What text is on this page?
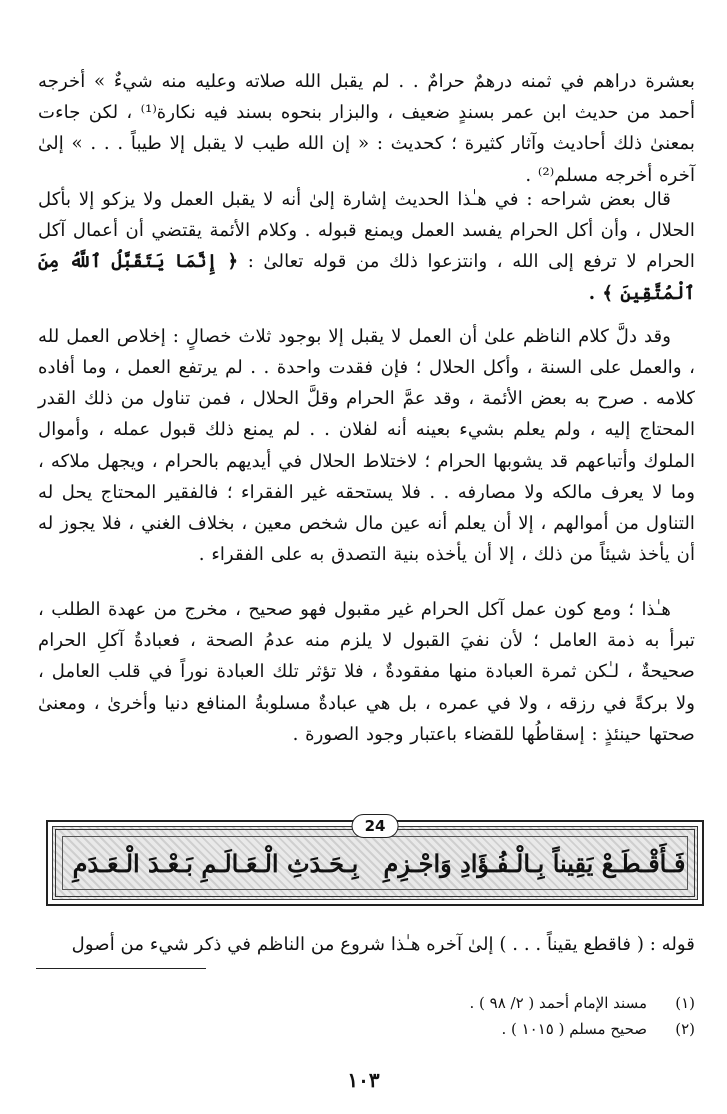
بعشرة دراهم في ثمنه درهمٌ حرامٌ . . لم يقبل الله صلاته وعليه منه شيءٌ » أخرجه أحمد من حديث ابن عمر بسندٍ ضعيف ، والبزار بنحوه بسند فيه نكارة⁽¹⁾ ، لكن جاءت بمعنىٰ ذلك أحاديث وآثار كثيرة ؛ كحديث : « إن الله طيب لا يقبل إلا طيباً . . . » إلىٰ آخره أخرجه مسلم⁽²⁾ .

قال بعض شراحه : في هـٰذا الحديث إشارة إلىٰ أنه لا يقبل العمل ولا يزكو إلا بأكل الحلال ، وأن أكل الحرام يفسد العمل ويمنع قبوله . وكلام الأئمة يقتضي أن أعمال آكل الحرام لا ترفع إلى الله ، وانتزعوا ذلك من قوله تعالىٰ : ﴿ إِنَّمَا يَتَقَبَّلُ ٱللَّهُ مِنَ ٱلْمُتَّقِينَ ﴾ .

وقد دلَّ كلام الناظم علىٰ أن العمل لا يقبل إلا بوجود ثلاث خصالٍ : إخلاص العمل لله ، والعمل على السنة ، وأكل الحلال ؛ فإن فقدت واحدة . . لم يرتفع العمل ، وما أفاده كلامه . صرح به بعض الأئمة ، وقد عمَّ الحرام وقلَّ الحلال ، فمن تناول من ذلك القدر المحتاج إليه ، ولم يعلم بشيء بعينه أنه لفلان . . لم يمنع ذلك قبول عمله ، وأموال الملوك وأتباعهم قد يشوبها الحرام ؛ لاختلاط الحلال في أيديهم بالحرام ، ويجهل ملاكه ، وما لا يعرف مالكه ولا مصارفه . . فلا يستحقه غير الفقراء ؛ فالفقير المحتاج يحل له التناول من أموالهم ، إلا أن يعلم أنه عين مال شخص معين ، بخلاف الغني ، فلا يجوز له أن يأخذ شيئاً من ذلك ، إلا أن يأخذه بنية التصدق به على الفقراء .

هـٰذا ؛ ومع كون عمل آكل الحرام غير مقبول فهو صحيح ، مخرج من عهدة الطلب ، تبرأ به ذمة العامل ؛ لأن نفيَ القبول لا يلزم منه عدمُ الصحة ، فعبادةُ آكلِ الحرام صحيحةٌ ، لـٰكن ثمرة العبادة منها مفقودةٌ ، فلا تؤثر تلك العبادة نوراً في قلب العامل ، ولا بركةً في رزقه ، ولا في عمره ، بل هي عبادةٌ مسلوبةُ المنافع دنيا وأخرىٰ ، ومعنىٰ صحتها حينئذٍ : إسقاطُها للقضاء باعتبار وجود الصورة .

24
فَـأَقْـطَـعْ يَقِيناً بِـالْـفُـؤَادِ وَاجْـزِمِ
بِـحَـدَثِ الْـعَـالَـمِ بَـعْـدَ الْـعَـدَمِ
قوله : ( فاقطع يقيناً . . . ) إلىٰ آخره هـٰذا شروع من الناظم في ذكر شيء من أصول
(١)
مسند الإمام أحمد ( ٢/ ٩٨ ) .
(٢)
صحيح مسلم ( ١٠١٥ ) .
١٠٣
